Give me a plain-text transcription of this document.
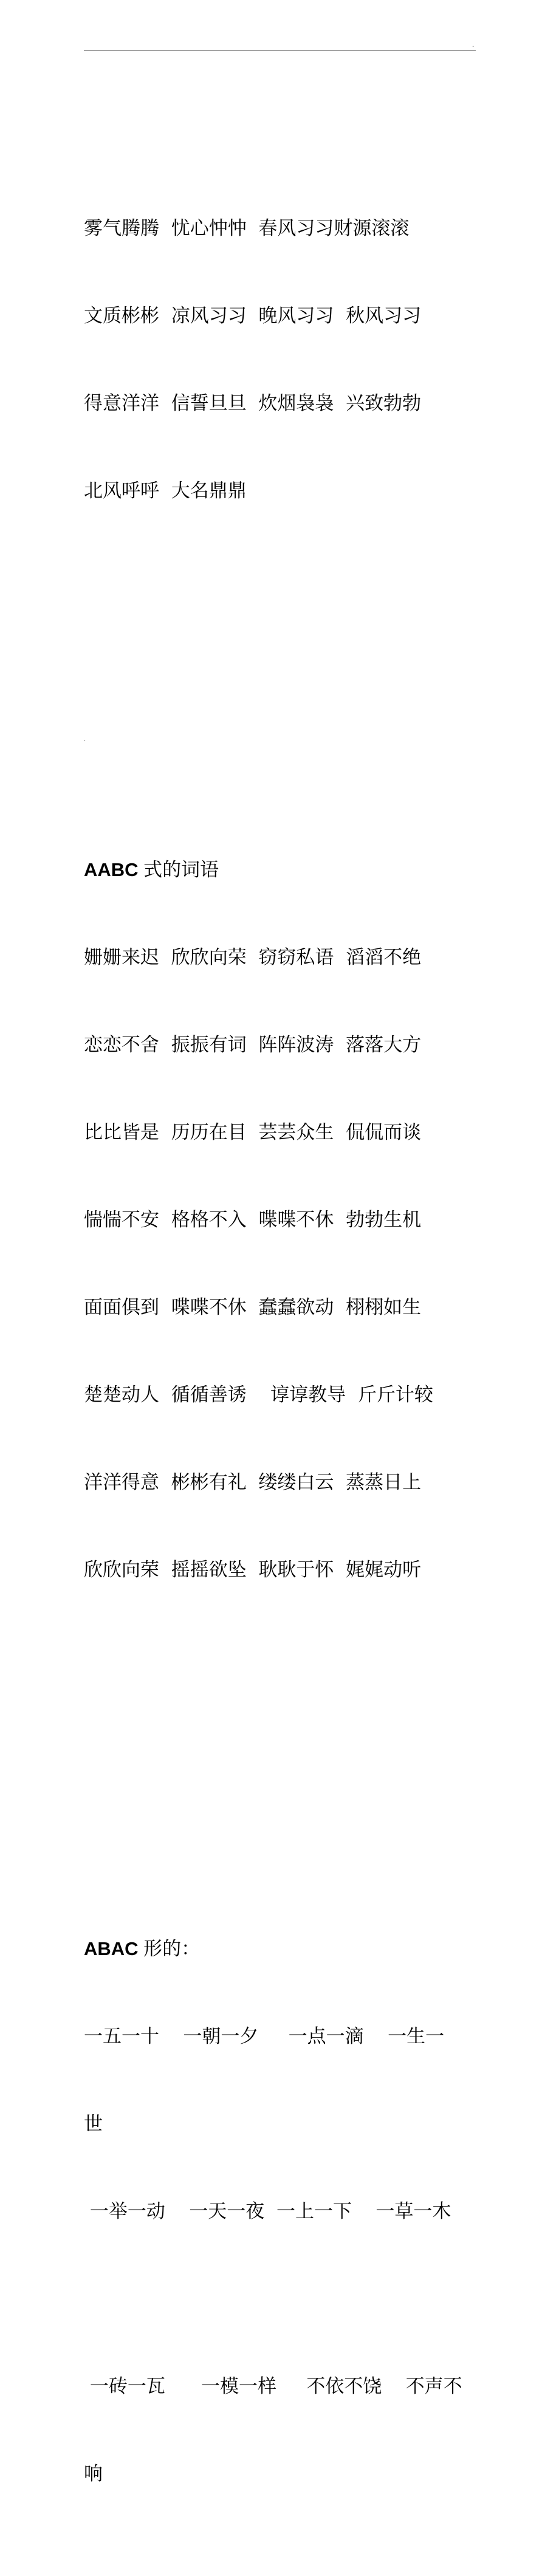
.

雾气腾腾  忧心忡忡  春风习习财源滚滚

文质彬彬  凉风习习  晚风习习  秋风习习

得意洋洋  信誓旦旦  炊烟袅袅  兴致勃勃

北风呼呼  大名鼎鼎

AABC 式的词语

姗姗来迟  欣欣向荣  窃窃私语  滔滔不绝

恋恋不舍  振振有词  阵阵波涛  落落大方

比比皆是  历历在目  芸芸众生  侃侃而谈

惴惴不安  格格不入  喋喋不休  勃勃生机

面面俱到  喋喋不休  蠢蠢欲动  栩栩如生

楚楚动人  循循善诱    谆谆教导  斤斤计较

洋洋得意  彬彬有礼  缕缕白云  蒸蒸日上

欣欣向荣  摇摇欲坠  耿耿于怀  娓娓动听

ABAC 形的：

一五一十    一朝一夕     一点一滴    一生一

世

一举一动    一天一夜  一上一下    一草一木

一砖一瓦      一模一样     不依不饶    不声不

响

.
